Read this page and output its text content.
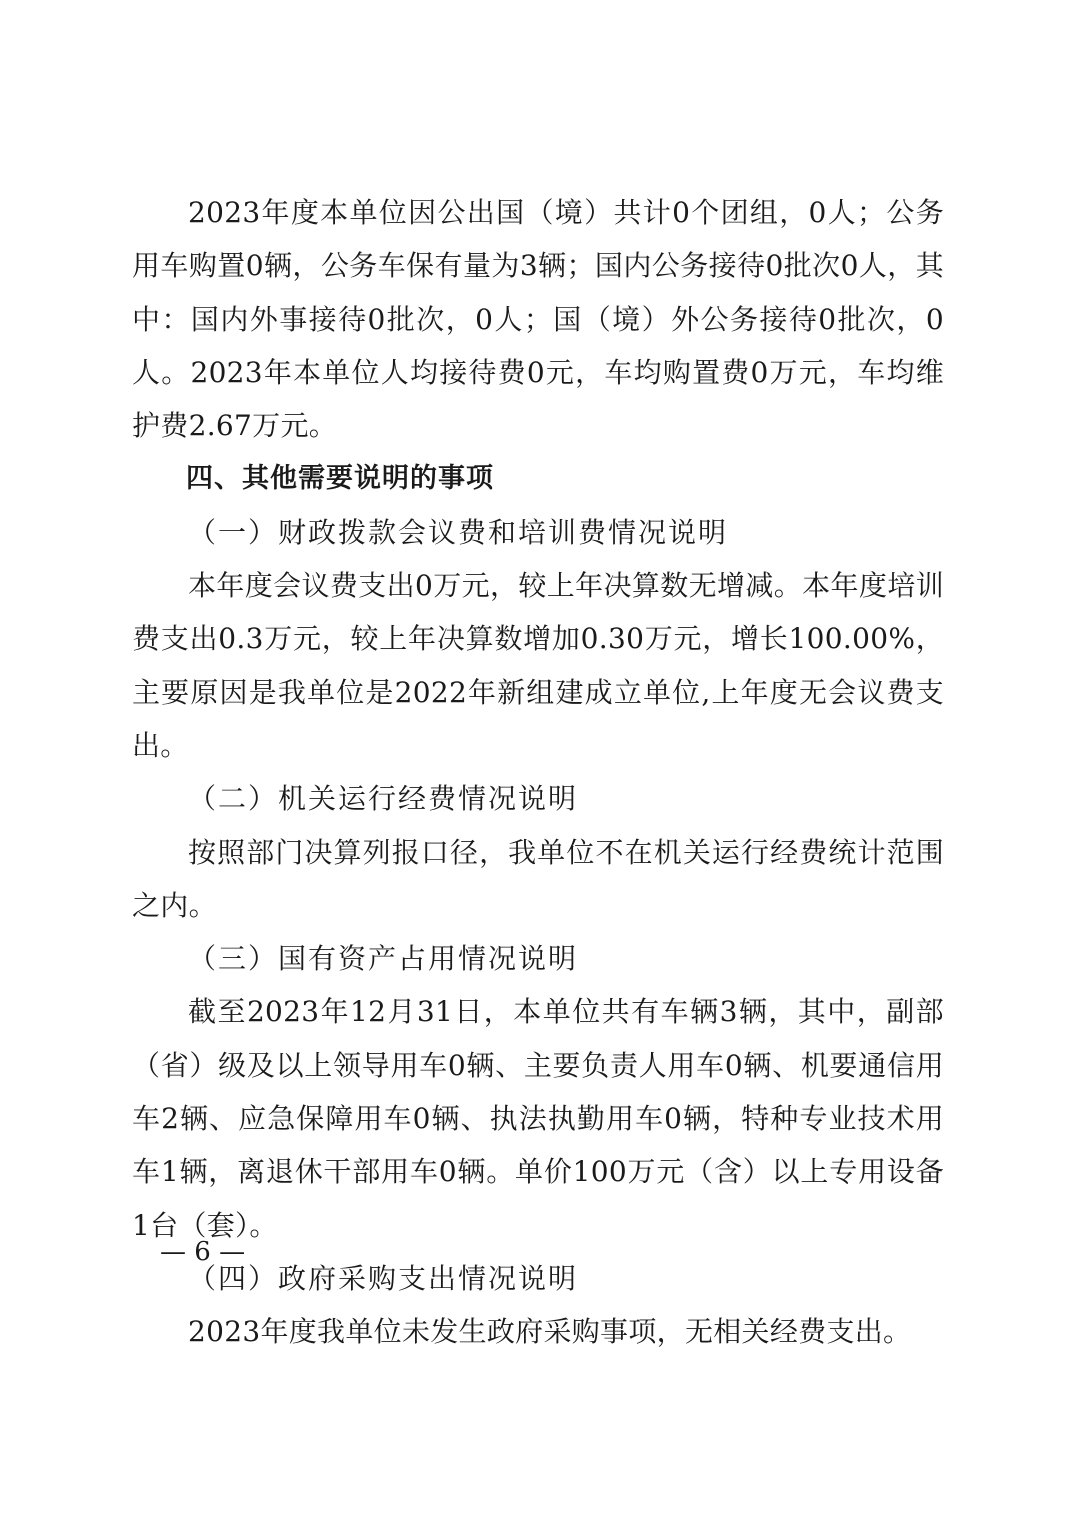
2023年度本单位因公出国（境）共计0个团组，0人；公务用车购置0辆，公务车保有量为3辆；国内公务接待0批次0人，其中：国内外事接待0批次，0人；国（境）外公务接待0批次，0人。2023年本单位人均接待费0元，车均购置费0万元，车均维护费2.67万元。

四、其他需要说明的事项

（一）财政拨款会议费和培训费情况说明

本年度会议费支出0万元，较上年决算数无增减。本年度培训费支出0.3万元，较上年决算数增加0.30万元，增长100.00%，主要原因是我单位是2022年新组建成立单位,上年度无会议费支出。

（二）机关运行经费情况说明

按照部门决算列报口径，我单位不在机关运行经费统计范围之内。

（三）国有资产占用情况说明

截至2023年12月31日，本单位共有车辆3辆，其中，副部（省）级及以上领导用车0辆、主要负责人用车0辆、机要通信用车2辆、应急保障用车0辆、执法执勤用车0辆，特种专业技术用车1辆，离退休干部用车0辆。单价100万元（含）以上专用设备1台（套）。

（四）政府采购支出情况说明

2023年度我单位未发生政府采购事项，无相关经费支出。

— 6 —
